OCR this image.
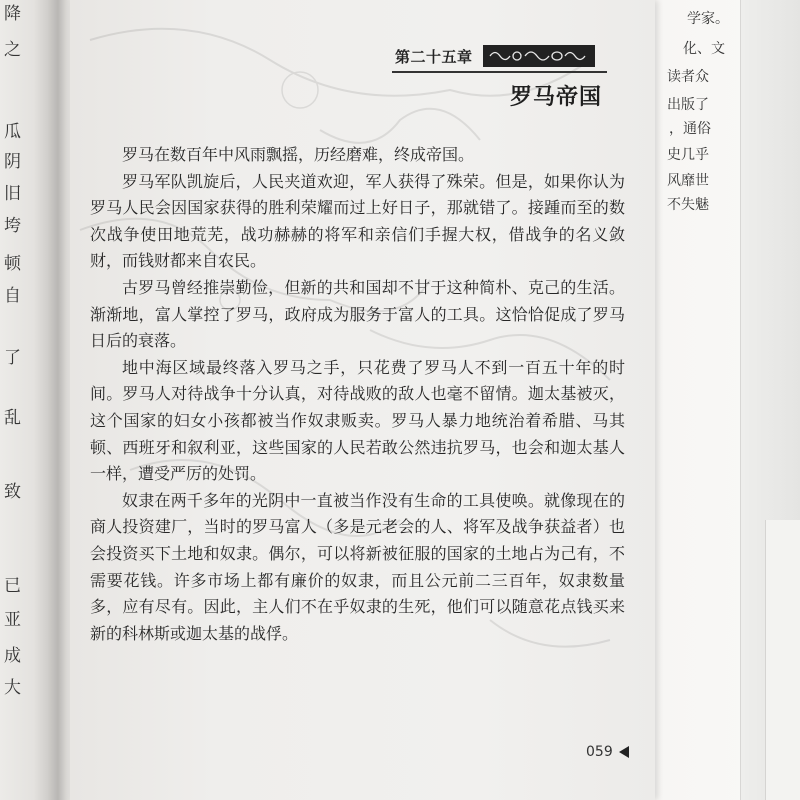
降
之
瓜
阴
旧
垮
顿
自
了
乱
致
已
亚
成
大
学家。
化、文
读者众
出版了
，通俗
史几乎
风靡世
不失魅
第二十五章
罗马帝国

罗马在数百年中风雨飘摇，历经磨难，终成帝国。

罗马军队凯旋后，人民夹道欢迎，军人获得了殊荣。但是，如果你认为罗马人民会因国家获得的胜利荣耀而过上好日子，那就错了。接踵而至的数次战争使田地荒芜，战功赫赫的将军和亲信们手握大权，借战争的名义敛财，而钱财都来自农民。

古罗马曾经推崇勤俭，但新的共和国却不甘于这种简朴、克己的生活。渐渐地，富人掌控了罗马，政府成为服务于富人的工具。这恰恰促成了罗马日后的衰落。

地中海区域最终落入罗马之手，只花费了罗马人不到一百五十年的时间。罗马人对待战争十分认真，对待战败的敌人也毫不留情。迦太基被灭，这个国家的妇女小孩都被当作奴隶贩卖。罗马人暴力地统治着希腊、马其顿、西班牙和叙利亚，这些国家的人民若敢公然违抗罗马，也会和迦太基人一样，遭受严厉的处罚。

奴隶在两千多年的光阴中一直被当作没有生命的工具使唤。就像现在的商人投资建厂，当时的罗马富人（多是元老会的人、将军及战争获益者）也会投资买下土地和奴隶。偶尔，可以将新被征服的国家的土地占为己有，不需要花钱。许多市场上都有廉价的奴隶，而且公元前二三百年，奴隶数量多，应有尽有。因此，主人们不在乎奴隶的生死，他们可以随意花点钱买来新的科林斯或迦太基的战俘。

059
